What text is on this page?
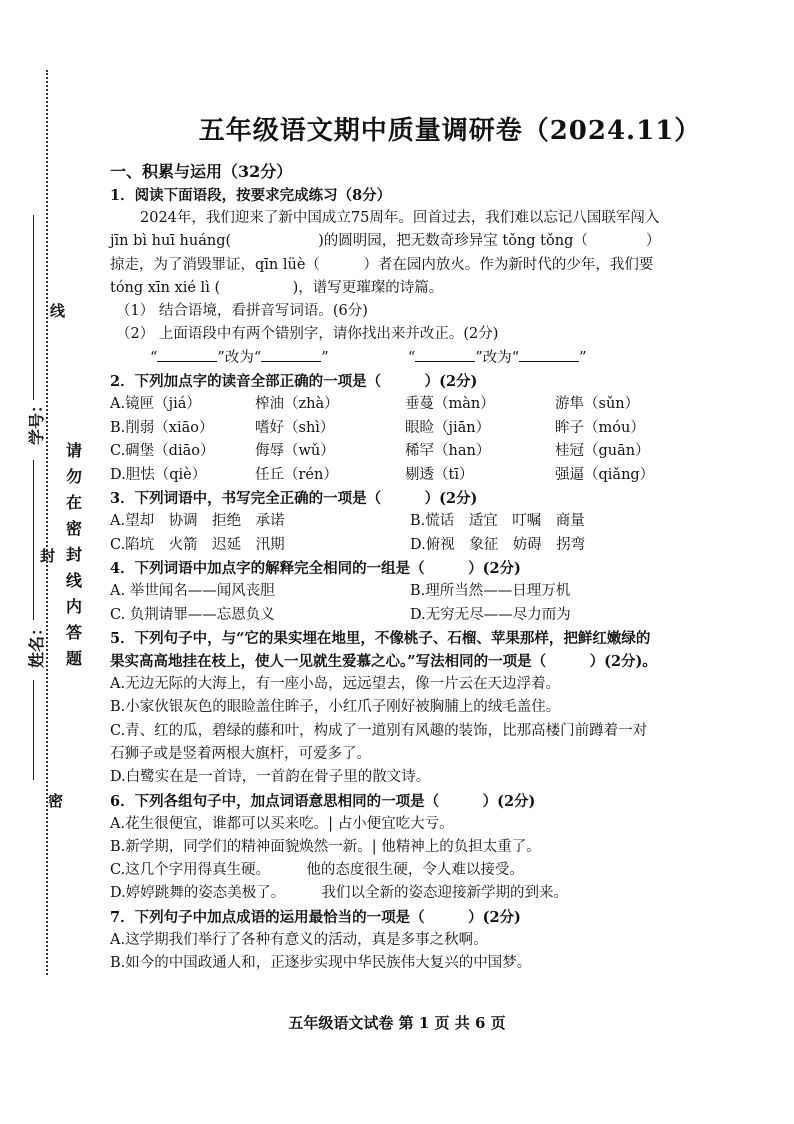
学号：
姓名：
线
封
密
请勿在密封线内答题
五年级语文期中质量调研卷（2024.11）
一、积累与运用（32分）
1．阅读下面语段，按要求完成练习（8分）
2024年，我们迎来了新中国成立75周年。回首过去，我们难以忘记八国联军闯入
jīn bì huī huáng(　　　　　　)的圆明园，把无数奇珍异宝 tǒng tǒng（　　　　）
掠走，为了消毁罪证，qīn lüè（　　　）者在园内放火。作为新时代的少年，我们要
tóng xīn xié lì (　　　　　)，谱写更璀璨的诗篇。
（1） 结合语境，看拼音写词语。(6分)
（2） 上面语段中有两个错别字，请你找出来并改正。(2分)
“	”改为“	”	“	”改为“	”
2．下列加点字的读音全部正确的一项是（　　　）(2分)
A.镜匣（jiá）	榨油（zhà）	垂蔓（màn）	游隼（sǔn）
B.削弱（xiāo）	嗜好（shì）	眼睑（jiān）	眸子（móu）
C.碉堡（diāo）	侮辱（wǔ）	稀罕（han）	桂冠（guān）
D.胆怯（qiè）	任丘（rén）	剔透（tī）	强逼（qiǎng）
3．下列词语中，书写完全正确的一项是（　　　）(2分)
A.望却　协调　拒绝　承诺	B.慌话　适宜　叮嘱　商量
C.陷坑　火箭　迟延　汛期	D.俯视　象征　妨碍　拐弯
4．下列词语中加点字的解释完全相同的一组是（　　　）(2分)
A. 举世闻名——闻风丧胆	B.理所当然——日理万机
C. 负荆请罪——忘恩负义	D.无穷无尽——尽力而为
5．下列句子中，与“它的果实埋在地里，不像桃子、石榴、苹果那样，把鲜红嫩绿的
果实高高地挂在枝上，使人一见就生爱慕之心。”写法相同的一项是（　　　）(2分)。
A.无边无际的大海上，有一座小岛，远远望去，像一片云在天边浮着。
B.小家伙银灰色的眼睑盖住眸子，小红爪子刚好被胸脯上的绒毛盖住。
C.青、红的瓜，碧绿的藤和叶，构成了一道别有风趣的装饰，比那高楼门前蹲着一对
石狮子或是竖着两根大旗杆，可爱多了。
D.白鹭实在是一首诗，一首韵在骨子里的散文诗。
6．下列各组句子中，加点词语意思相同的一项是（　　　）(2分)
A.花生很便宜，谁都可以买来吃。| 占小便宜吃大亏。
B.新学期，同学们的精神面貌焕然一新。| 他精神上的负担太重了。
C.这几个字用得真生硬。　　　他的态度很生硬，令人难以接受。
D.婷婷跳舞的姿态美极了。　　　我们以全新的姿态迎接新学期的到来。
7．下列句子中加点成语的运用最恰当的一项是（　　　）(2分)
A.这学期我们举行了各种有意义的活动，真是多事之秋啊。
B.如今的中国政通人和，正逐步实现中华民族伟大复兴的中国梦。
五年级语文试卷 第 1 页 共 6 页
